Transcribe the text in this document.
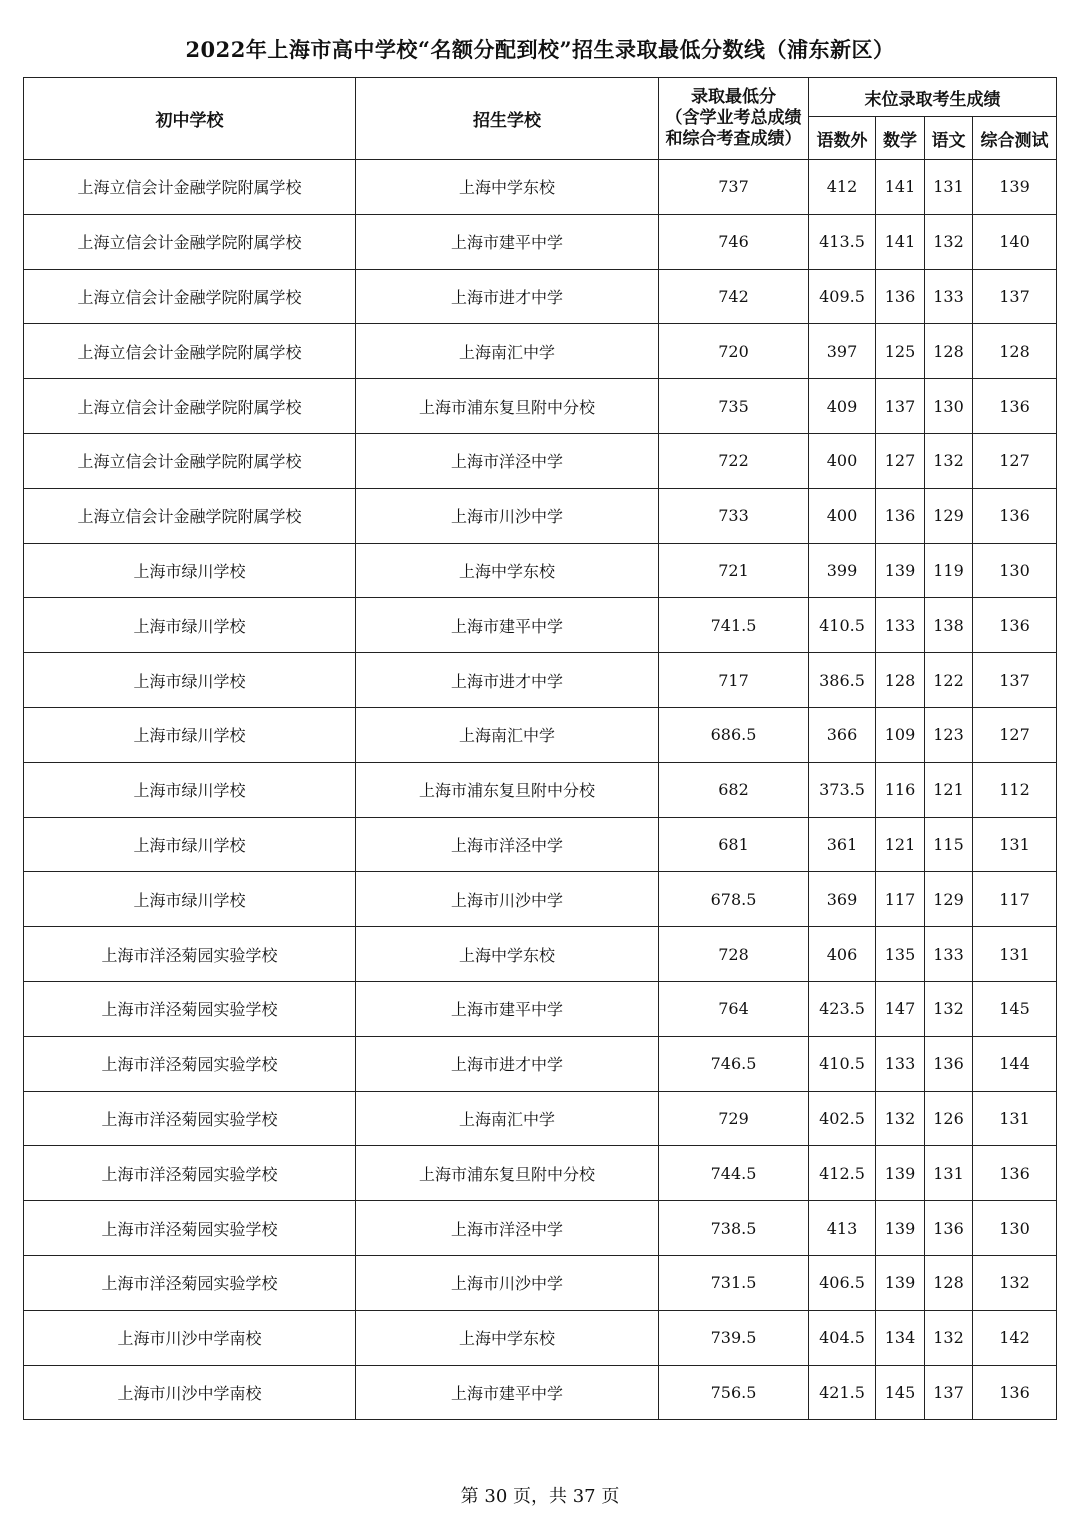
2022年上海市高中学校“名额分配到校”招生录取最低分数线（浦东新区）
初中学校	招生学校	录取最低分
（含学业考总成绩
和综合考查成绩）	末位录取考生成绩			
			语数外	数学	语文	综合测试
上海立信会计金融学院附属学校	上海中学东校	737	412	141	131	139
上海立信会计金融学院附属学校	上海市建平中学	746	413.5	141	132	140
上海立信会计金融学院附属学校	上海市进才中学	742	409.5	136	133	137
上海立信会计金融学院附属学校	上海南汇中学	720	397	125	128	128
上海立信会计金融学院附属学校	上海市浦东复旦附中分校	735	409	137	130	136
上海立信会计金融学院附属学校	上海市洋泾中学	722	400	127	132	127
上海立信会计金融学院附属学校	上海市川沙中学	733	400	136	129	136
上海市绿川学校	上海中学东校	721	399	139	119	130
上海市绿川学校	上海市建平中学	741.5	410.5	133	138	136
上海市绿川学校	上海市进才中学	717	386.5	128	122	137
上海市绿川学校	上海南汇中学	686.5	366	109	123	127
上海市绿川学校	上海市浦东复旦附中分校	682	373.5	116	121	112
上海市绿川学校	上海市洋泾中学	681	361	121	115	131
上海市绿川学校	上海市川沙中学	678.5	369	117	129	117
上海市洋泾菊园实验学校	上海中学东校	728	406	135	133	131
上海市洋泾菊园实验学校	上海市建平中学	764	423.5	147	132	145
上海市洋泾菊园实验学校	上海市进才中学	746.5	410.5	133	136	144
上海市洋泾菊园实验学校	上海南汇中学	729	402.5	132	126	131
上海市洋泾菊园实验学校	上海市浦东复旦附中分校	744.5	412.5	139	131	136
上海市洋泾菊园实验学校	上海市洋泾中学	738.5	413	139	136	130
上海市洋泾菊园实验学校	上海市川沙中学	731.5	406.5	139	128	132
上海市川沙中学南校	上海中学东校	739.5	404.5	134	132	142
上海市川沙中学南校	上海市建平中学	756.5	421.5	145	137	136
第 30 页，共 37 页
